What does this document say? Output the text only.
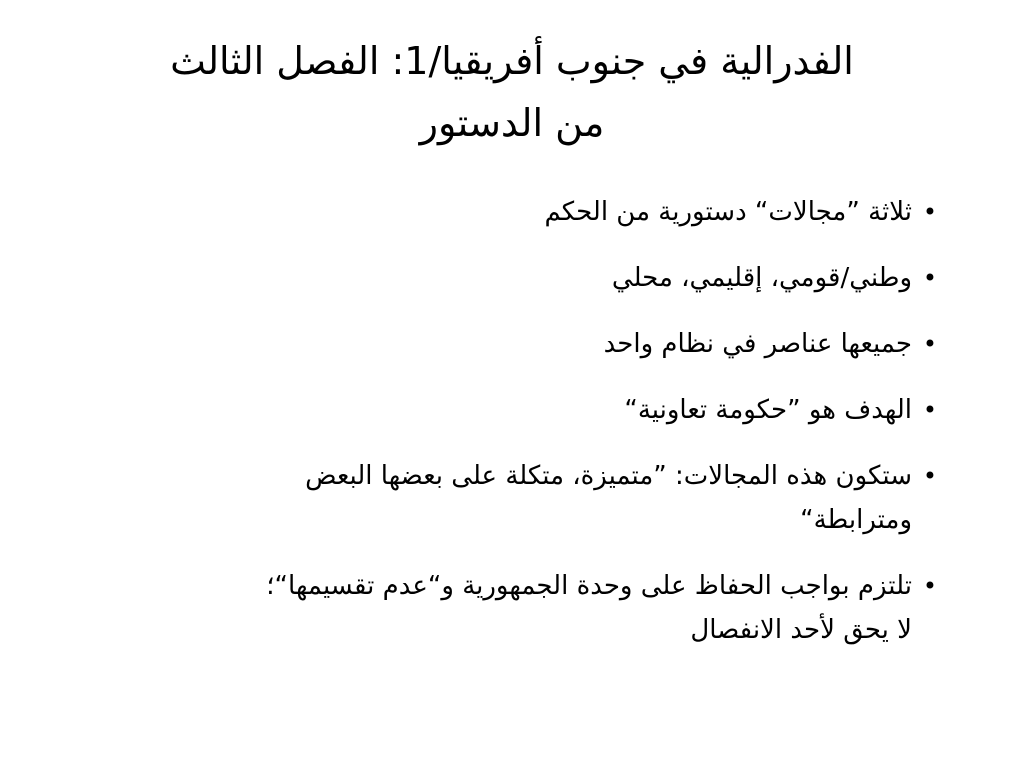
الفدرالية في جنوب أفريقيا/1: الفصل الثالث
من الدستور
•
ثلاثة ”مجالات“ دستورية من الحكم
•
وطني/قومي، إقليمي، محلي
•
جميعها عناصر في نظام واحد
•
الهدف هو ”حكومة تعاونية“
•
ستكون هذه المجالات: ”متميزة، متكلة على بعضها البعض
ومترابطة“
•
تلتزم بواجب الحفاظ على وحدة الجمهورية و“عدم تقسيمها“؛
لا يحق لأحد الانفصال
